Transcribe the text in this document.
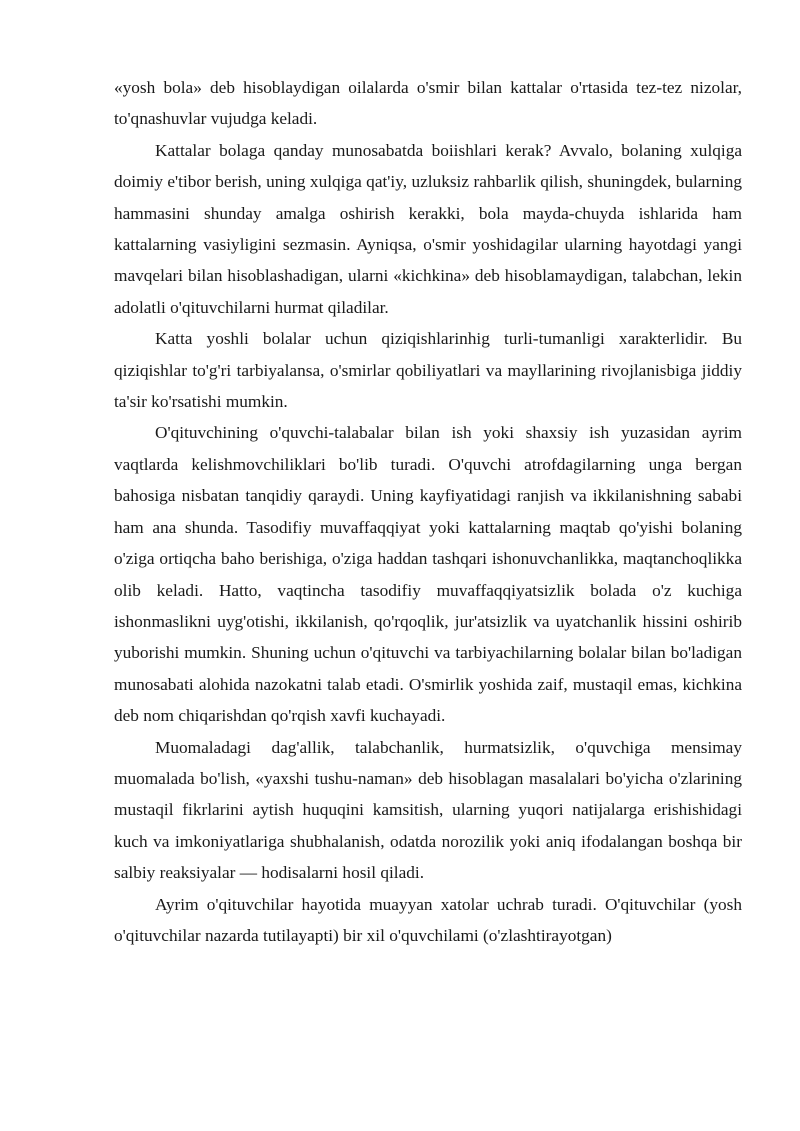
«yosh bola» deb hisoblaydigan oilalarda o'smir bilan kattalar o'rtasida tez-tez nizolar, to'qnashuvlar vujudga keladi.

Kattalar bolaga qanday munosabatda boiishlari kerak? Avvalo, bolaning xulqiga doimiy e'tibor berish, uning xulqiga qat'iy, uzluksiz rahbarlik qilish, shuningdek, bularning hammasini shunday amalga oshirish kerakki, bola mayda-chuyda ishlarida ham kattalarning vasiyligini sezmasin. Ayniqsa, o'smir yoshidagilar ularning hayotdagi yangi mavqelari bilan hisoblashadigan, ularni «kichkina» deb hisoblamaydigan, talabchan, lekin adolatli o'qituvchilarni hurmat qiladilar.

Katta yoshli bolalar uchun qiziqishlarinhig turli-tumanligi xarakterlidir. Bu qiziqishlar to'g'ri tarbiyalansa, o'smirlar qobiliyatlari va mayllarining rivojlanisbiga jiddiy ta'sir ko'rsatishi mumkin.

O'qituvchining o'quvchi-talabalar bilan ish yoki shaxsiy ish yuzasidan ayrim vaqtlarda kelishmovchiliklari bo'lib turadi. O'quvchi atrofdagilarning unga bergan bahosiga nisbatan tanqidiy qaraydi. Uning kayfiyatidagi ranjish va ikkilanishning sababi ham ana shunda. Tasodifiy muvaffaqqiyat yoki kattalarning maqtab qo'yishi bolaning o'ziga ortiqcha baho berishiga, o'ziga haddan tashqari ishonuvchanlikka, maqtanchoqlikka olib keladi. Hatto, vaqtincha tasodifiy muvaffaqqiyatsizlik bolada o'z kuchiga ishonmaslikni uyg'otishi, ikkilanish, qo'rqoqlik, jur'atsizlik va uyatchanlik hissini oshirib yuborishi mumkin. Shuning uchun o'qituvchi va tarbiyachilarning bolalar bilan bo'ladigan munosabati alohida nazokatni talab etadi. O'smirlik yoshida zaif, mustaqil emas, kichkina deb nom chiqarishdan qo'rqish xavfi kuchayadi.

Muomaladagi dag'allik, talabchanlik, hurmatsizlik, o'quvchiga mensimay muomalada bo'lish, «yaxshi tushu-naman» deb hisoblagan masalalari bo'yicha o'zlarining mustaqil fikrlarini aytish huquqini kamsitish, ularning yuqori natijalarga erishishidagi kuch va imkoniyatlariga shubhalanish, odatda norozilik yoki aniq ifodalangan boshqa bir salbiy reaksiyalar — hodisalarni hosil qiladi.

Ayrim o'qituvchilar hayotida muayyan xatolar uchrab turadi. O'qituvchilar (yosh o'qituvchilar nazarda tutilayapti) bir xil o'quvchilami (o'zlashtirayotgan)
